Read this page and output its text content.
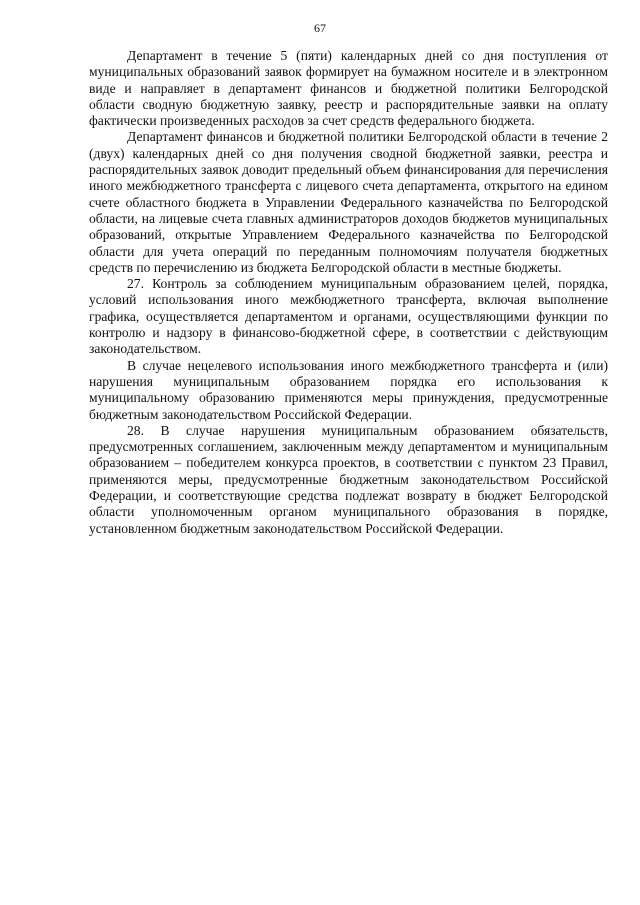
67

Департамент в течение 5 (пяти) календарных дней со дня поступления от муниципальных образований заявок формирует на бумажном носителе и в электронном виде и направляет в департамент финансов и бюджетной политики Белгородской области сводную бюджетную заявку, реестр и распорядительные заявки на оплату фактически произведенных расходов за счет средств федерального бюджета.

Департамент финансов и бюджетной политики Белгородской области в течение 2 (двух) календарных дней со дня получения сводной бюджетной заявки, реестра и распорядительных заявок доводит предельный объем финансирования для перечисления иного межбюджетного трансферта с лицевого счета департамента, открытого на едином счете областного бюджета в Управлении Федерального казначейства по Белгородской области, на лицевые счета главных администраторов доходов бюджетов муниципальных образований, открытые Управлением Федерального казначейства по Белгородской области для учета операций по переданным полномочиям получателя бюджетных средств по перечислению из бюджета Белгородской области в местные бюджеты.

27. Контроль за соблюдением муниципальным образованием целей, порядка, условий использования иного межбюджетного трансферта, включая выполнение графика, осуществляется департаментом и органами, осуществляющими функции по контролю и надзору в финансово-бюджетной сфере, в соответствии с действующим законодательством.

В случае нецелевого использования иного межбюджетного трансферта и (или) нарушения муниципальным образованием порядка его использования к муниципальному образованию применяются меры принуждения, предусмотренные бюджетным законодательством Российской Федерации.

28. В случае нарушения муниципальным образованием обязательств, предусмотренных соглашением, заключенным между департаментом и муниципальным образованием – победителем конкурса проектов, в соответствии с пунктом 23 Правил, применяются меры, предусмотренные бюджетным законодательством Российской Федерации, и соответствующие средства подлежат возврату в бюджет Белгородской области уполномоченным органом муниципального образования в порядке, установленном бюджетным законодательством Российской Федерации.
